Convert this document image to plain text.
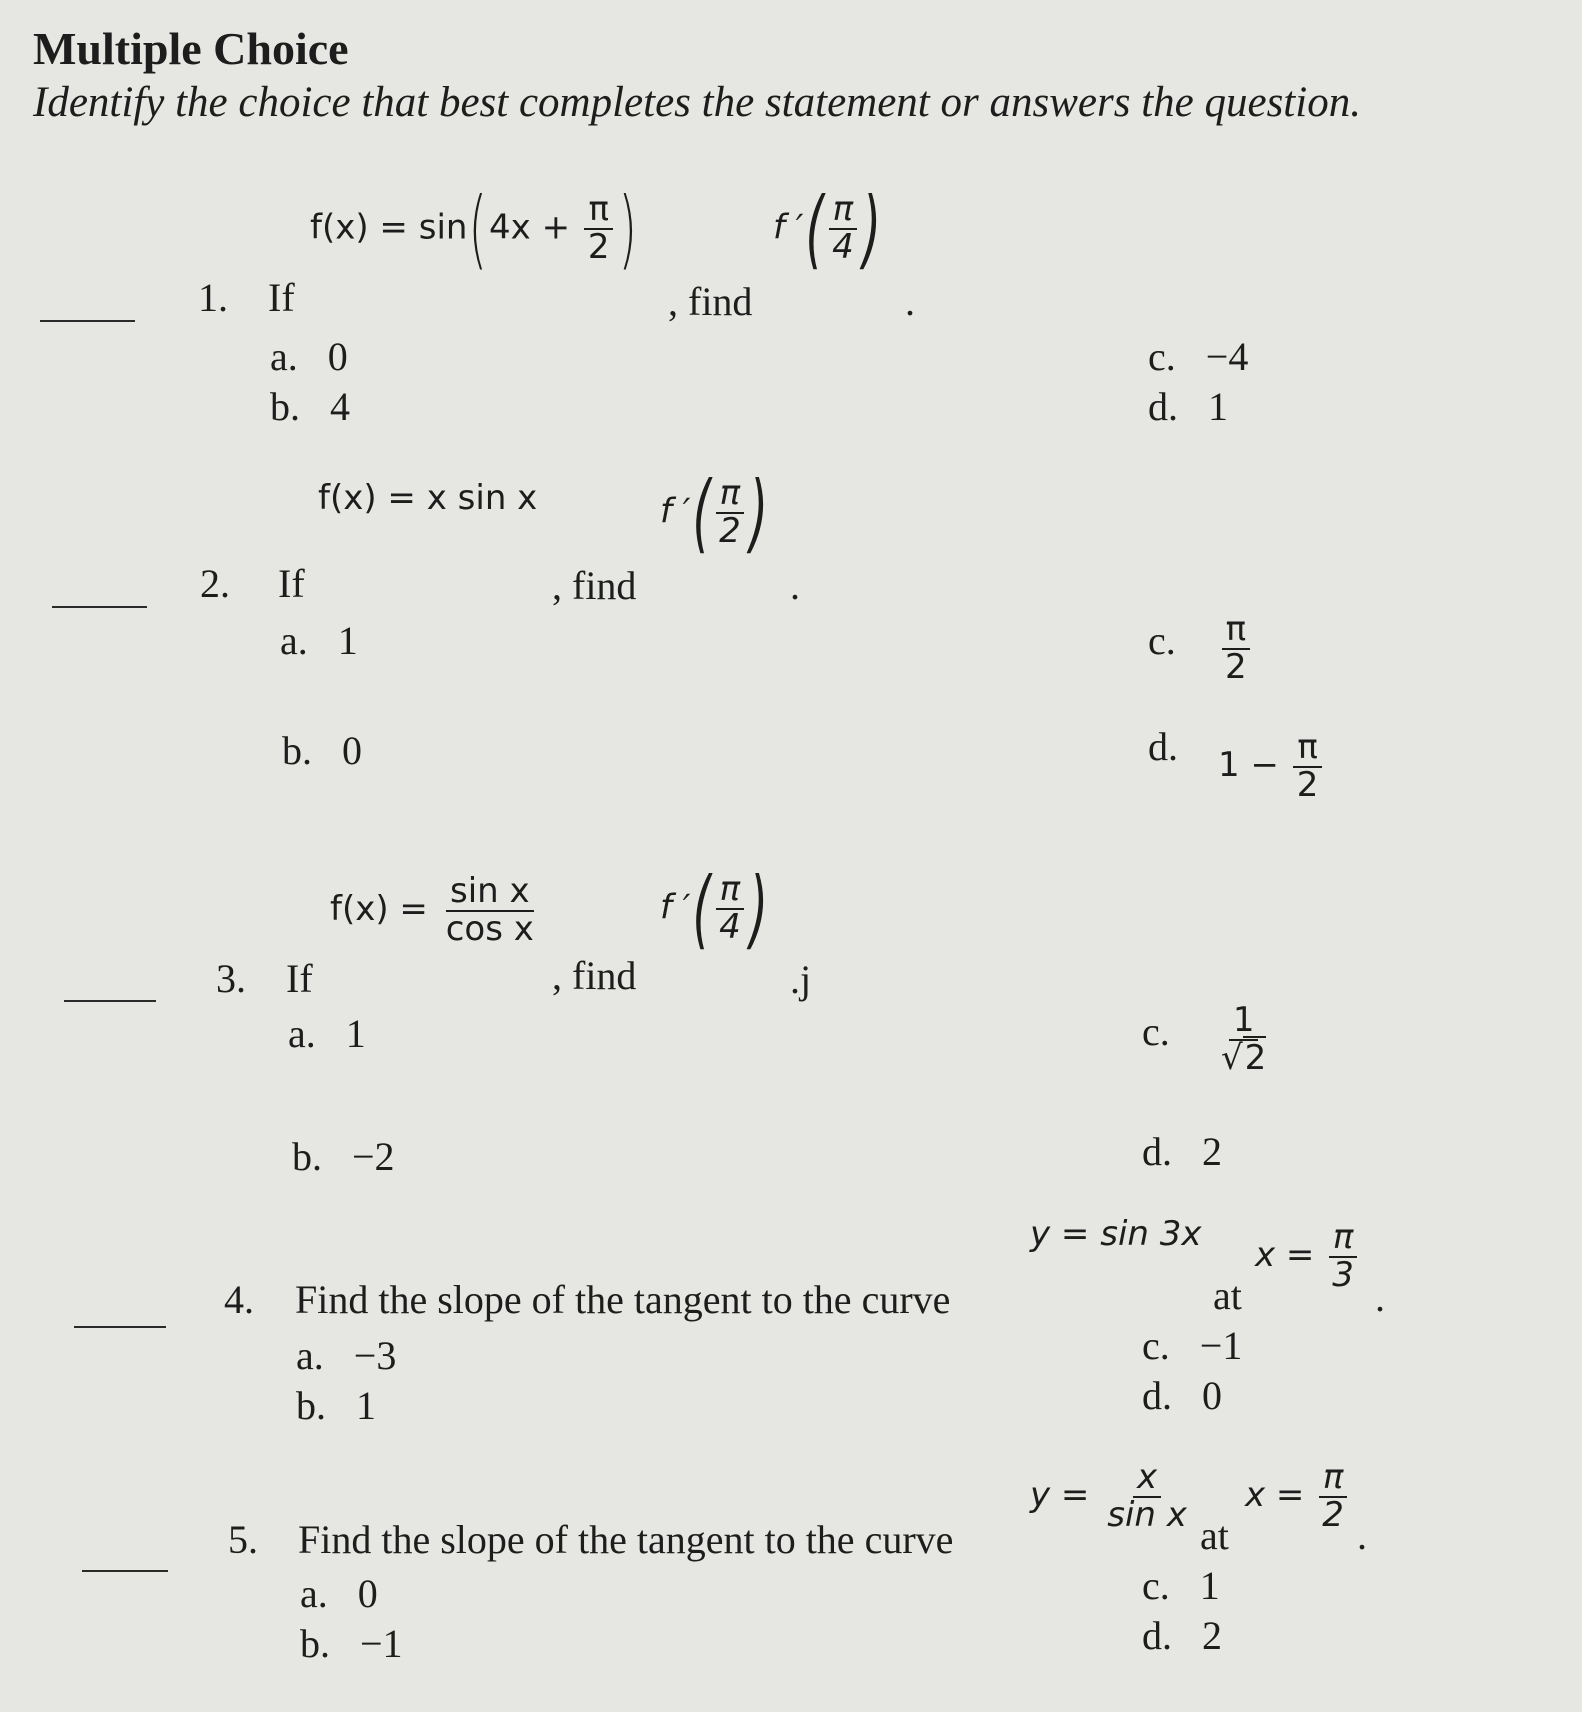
Multiple Choice
Identify the choice that best completes the statement or answers the question.
1. If
$f(x) = \sin(4x + \frac{\pi}{2}$ )
, find
f ′( $\frac{\pi}{4}$ )
.
a. 0
b. 4
c. −4
d. 1
2. If
f(x) = x sin x
, find
f ′( $\frac{\pi}{2}$ )
.
a. 1
b. 0
c. $\frac{\pi}{2}$
d. $1 - \frac{\pi}{2}$
3. If
$f(x) = \frac{\text{sin x}}{\text{cos x}}$
, find
f ′( $\frac{\pi}{4}$ )
.j
a. 1
b. −2
c. $\frac{1}{√2}$
d. 2
4. Find the slope of the tangent to the curve
y = sin 3x
at
$x = \frac{\pi}{3}$
.
a. −3
b. 1
c. −1
d. 0
5. Find the slope of the tangent to the curve
$y = \frac{x}{\text{sin x}}$
at
$x = \frac{\pi}{2}$
.
a. 0
b. −1
c. 1
d. 2
